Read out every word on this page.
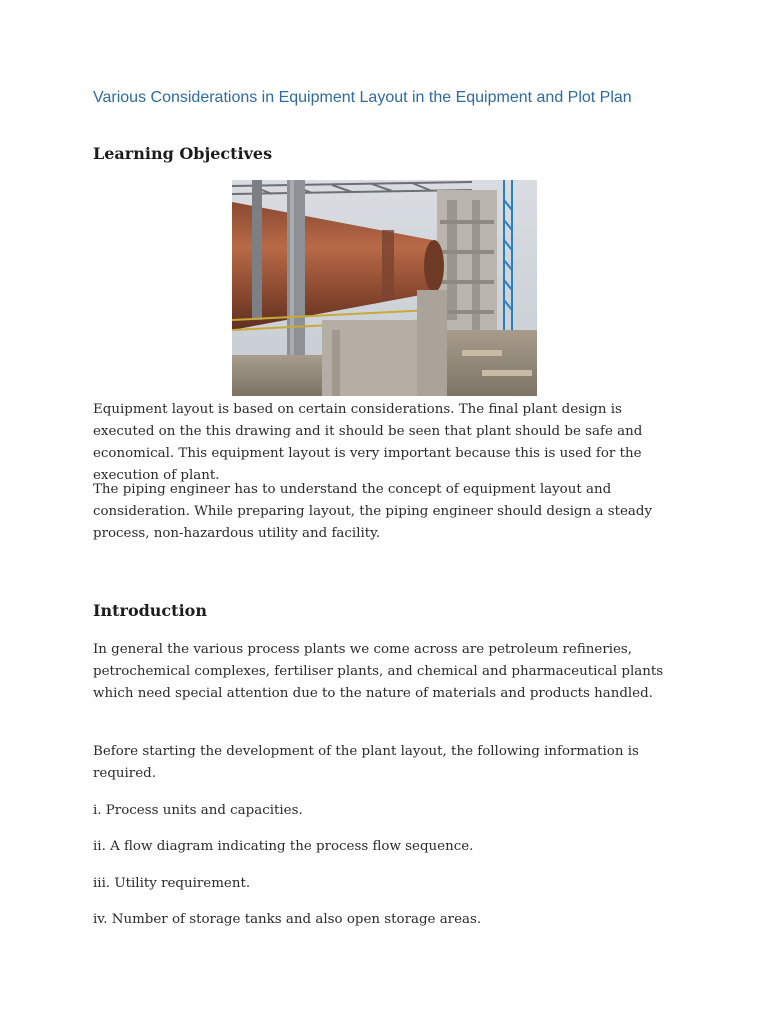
Various Considerations in Equipment Layout in the Equipment and Plot Plan
Learning Objectives

Equipment layout is based on certain considerations. The final plant design is executed on the this drawing and it should be seen that plant should be safe and economical. This equipment layout is very important because this is used for the execution of plant.

The piping engineer has to understand the concept of equipment layout and consideration. While preparing layout, the piping engineer should design a steady process, non-hazardous utility and facility.

Introduction

In general the various process plants we come across are petroleum refineries, petrochemical complexes, fertiliser plants, and chemical and pharmaceutical plants which need special attention due to the nature of materials and products handled.

Before starting the development of the plant layout, the following information is required.

i. Process units and capacities.

ii. A flow diagram indicating the process flow sequence.

iii. Utility requirement.

iv. Number of storage tanks and also open storage areas.
